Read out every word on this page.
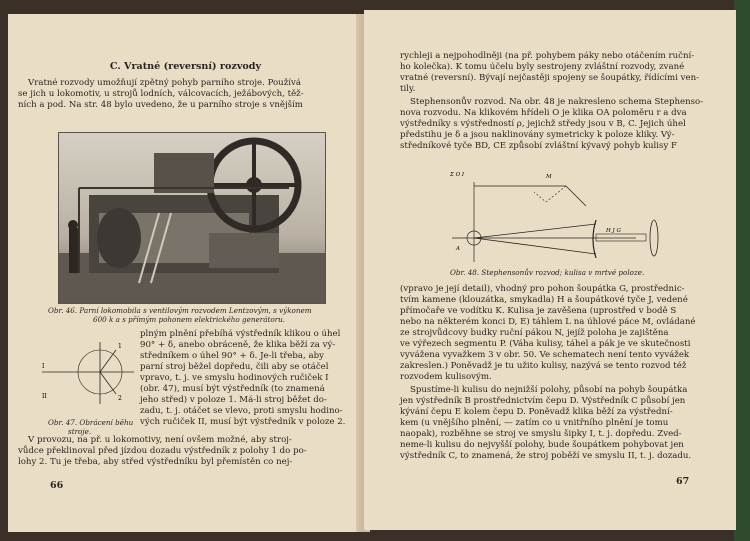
C. Vratné (reversní) rozvody

Vratné rozvody umožňují zpětný pohyb parního stroje. Používá

se jich u lokomotiv, u strojů lodních, válcovacích, ježábových, těž-

ních a pod. Na str. 48 bylo uvedeno, že u parního stroje s vnějším

Obr. 46. Parní lokomobila s ventilovým rozvodem Lentzovým, s výkonem
600 k a s přímým pohonem elektrického generátoru.
I
II
1
2
Obr. 47. Obrácení běhu
stroje.

plným plnění přebíhá výstředník klikou o úhel

90° + δ, anebo obráceně, že klika běží za vý-

středníkem o úhel 90° + δ. Je-li třeba, aby

parní stroj běžel dopředu, čili aby se otáčel

vpravo, t. j. ve smyslu hodinových ručiček I

(obr. 47), musí být výstředník (to znamená

jeho střed) v poloze 1. Má-li stroj běžet do-

zadu, t. j. otáčet se vlevo, proti smyslu hodino-

vých ručiček II, musí být výstředník v poloze 2.

V provozu, na př. u lokomotivy, není ovšem možné, aby stroj-

vůdce překlinoval před jízdou dozadu výstředník z polohy 1 do po-

lohy 2. Tu je třeba, aby střed výstředníku byl přemístěn co nej-

66

rychleji a nejpohodlněji (na př. pohybem páky nebo otáčením ruční-

ho kolečka). K tomu účelu byly sestrojeny zvláštní rozvody, zvané

vratné (reversní). Bývají nejčastěji spojeny se šoupátky, řídícími ven-

tily.

Stephensonův rozvod. Na obr. 48 je nakresleno schema Stephenso-

nova rozvodu. Na klikovém hřídeli O je klika OA poloměru r a dva

výstředníky s výstředností ρ, jejichž středy jsou v B, C. Jejich úhel

předstihu je δ a jsou naklinovány symetricky k poloze kliky. Vý-

středníkové tyče BD, CE způsobí zvláštní kývavý pohyb kulisy F

Σ O I	M
H J G
A
Obr. 48. Stephensonův rozvod; kulisa v mrtvé poloze.

(vpravo je její detail), vhodný pro pohon šoupátka G, prostřednic-

tvím kamene (klouzátka, smykadla) H a šoupátkové tyče J, vedené

přímočaře ve vodítku K. Kulisa je zavěšena (uprostřed v bodě S

nebo na některém konci D, E) táhlem L na úhlové páce M, ovládané

ze strojvůdcovy budky ruční pákou N, jejíž poloha je zajištěna

ve výřezech segmentu P. (Váha kulisy, táhel a pák je ve skutečnosti

vyvážena vyvažkem 3 v obr. 50. Ve schematech není tento vyvážek

zakreslen.) Poněvadž je tu užito kulisy, nazývá se tento rozvod též

rozvodem kulisovým.

Spustíme-li kulisu do nejnižší polohy, působí na pohyb šoupátka

jen výstředník B prostřednictvím čepu D. Výstředník C působí jen

kývání čepu E kolem čepu D. Poněvadž klika běží za výstřední-

kem (u vnějšího plnění, — zatím co u vnitřního plnění je tomu

naopak), rozběhne se stroj ve smyslu šipky I, t. j. dopředu. Zved-

neme-li kulisu do nejvyšší polohy, bude šoupátkem pohybovat jen

výstředník C, to znamená, že stroj poběží ve smyslu II, t. j. dozadu.

67
